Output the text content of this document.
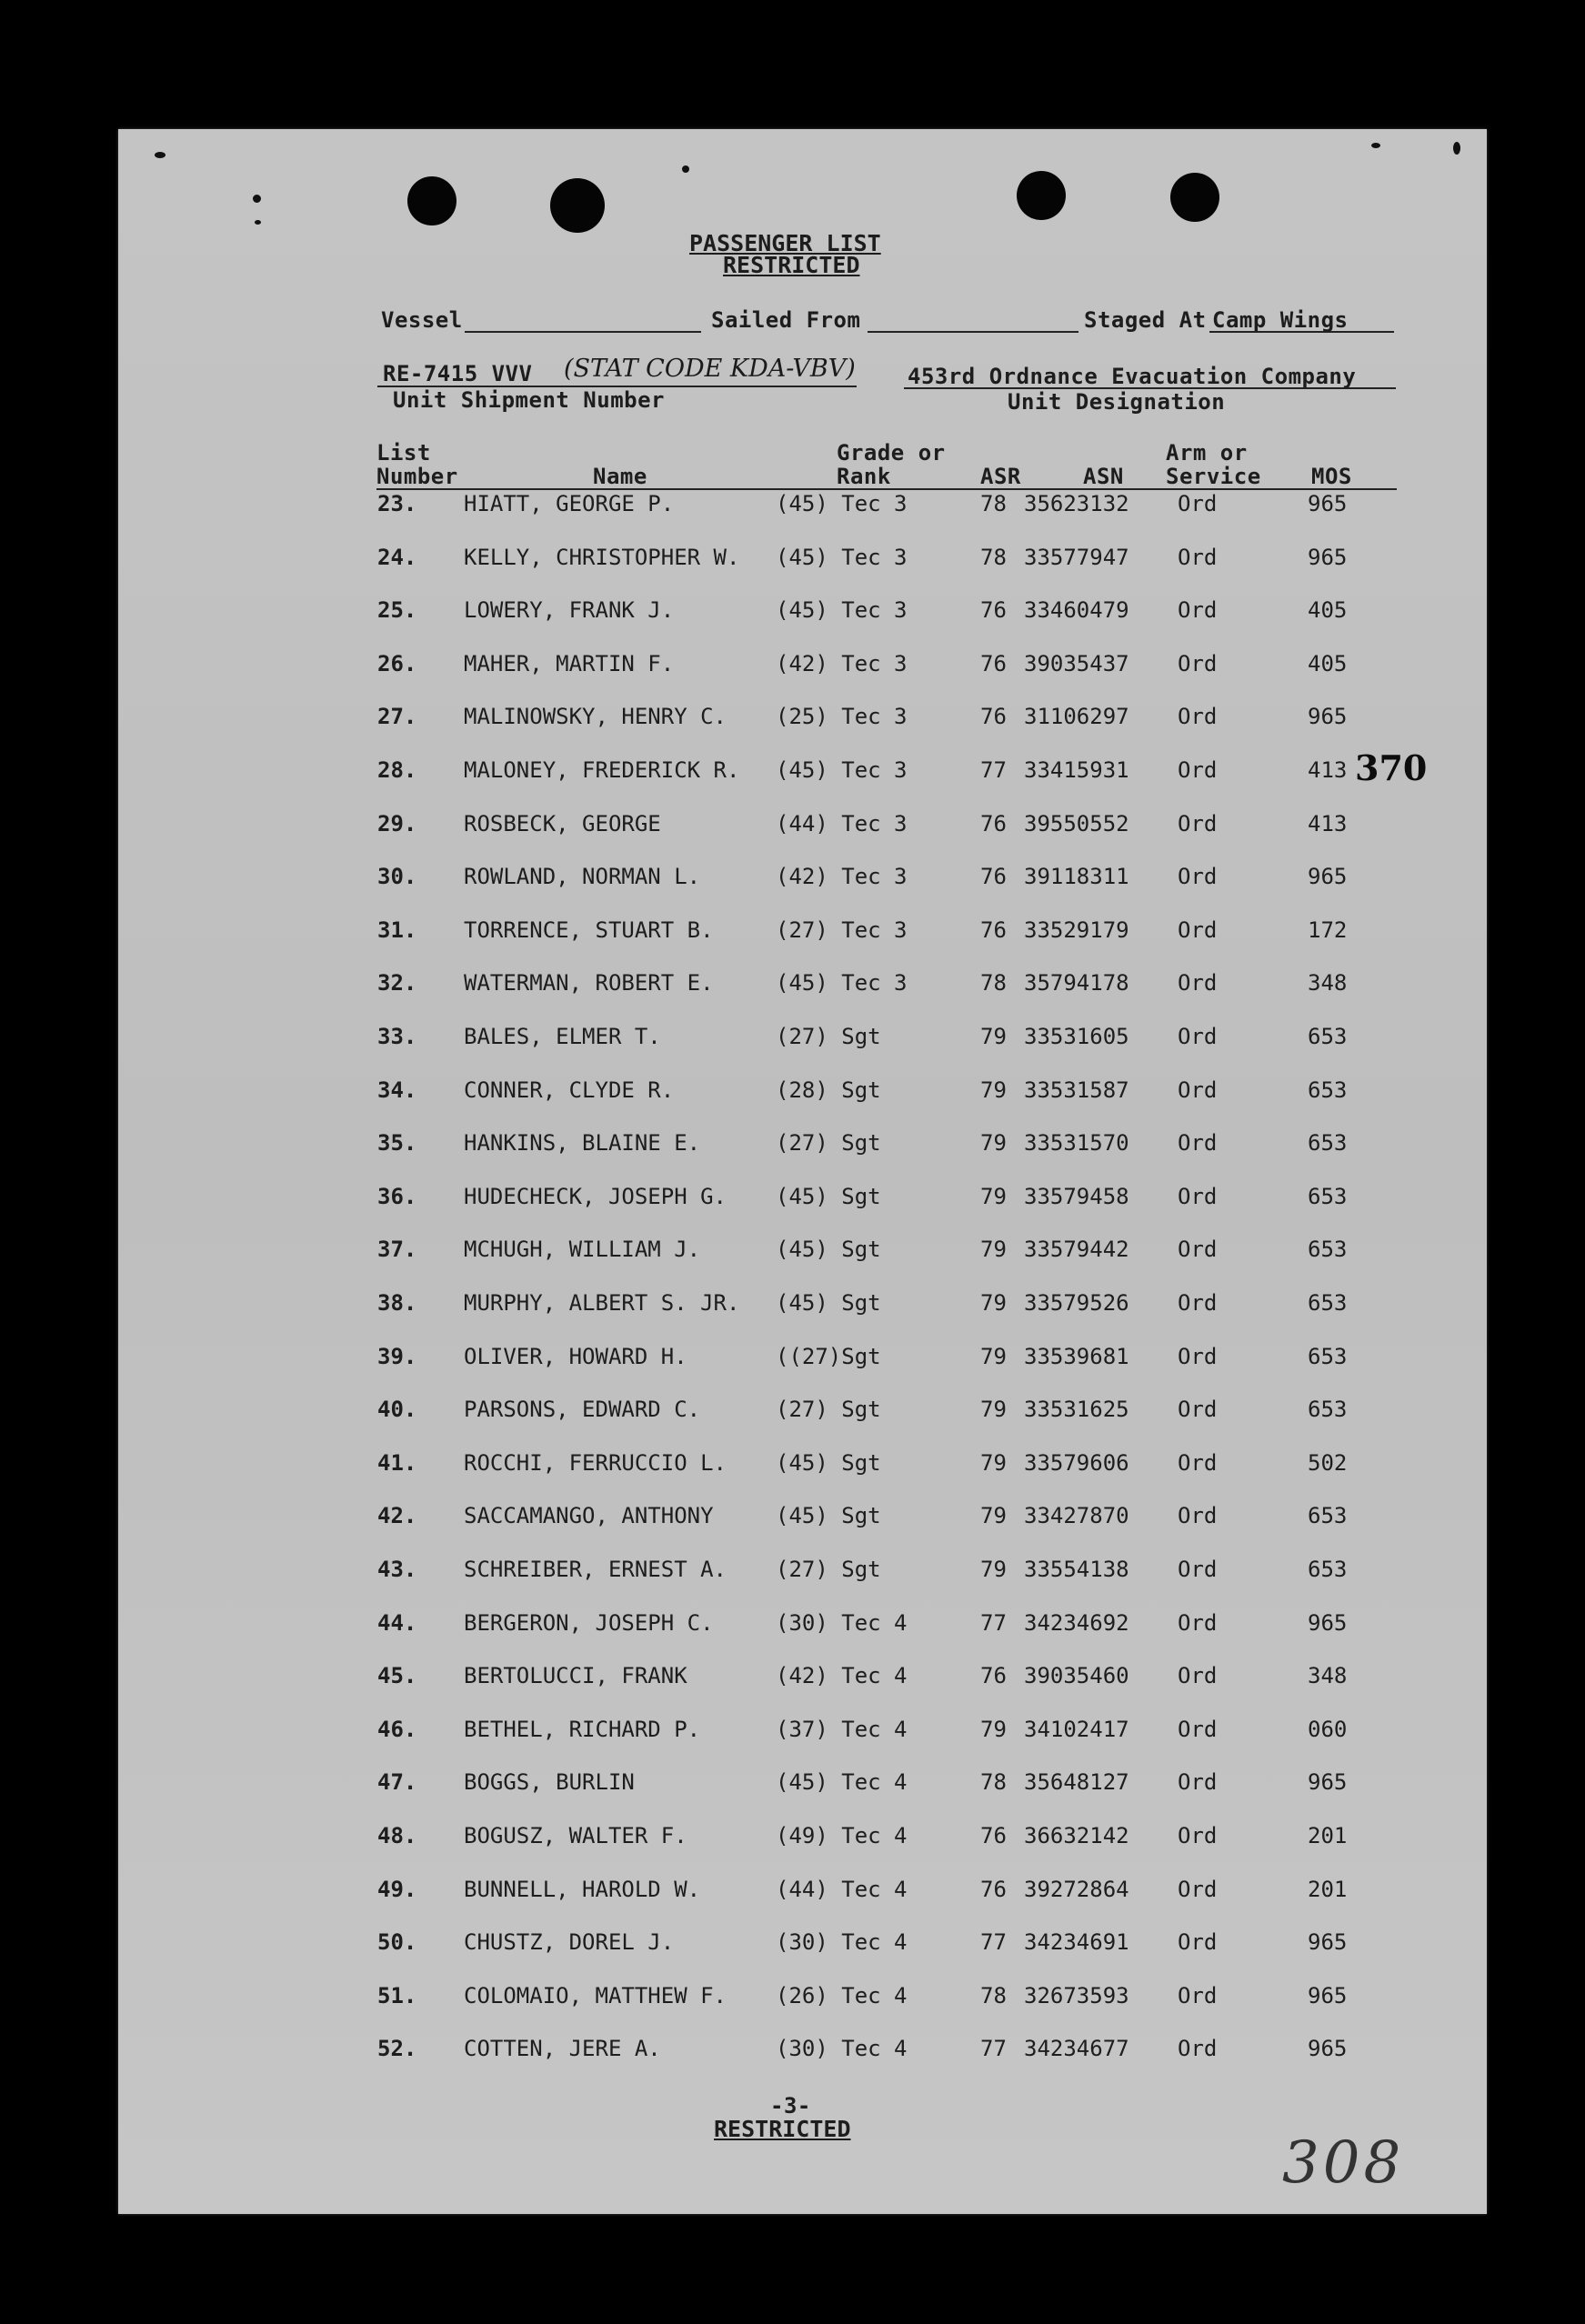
PASSENGER LIST
RESTRICTED
Vessel	Sailed From	Staged At Camp Wings
RE-7415 VVV (STAT CODE KDA-VBV)
Unit Shipment Number
453rd Ordnance Evacuation Company
Unit Designation
List
Number	Name
Grade or
Rank	ASR	ASN
Arm or
Service MOS
23. HIATT, GEORGE P.	(45) Tec 3	78 35623132 Ord	965
24. KELLY, CHRISTOPHER W. (45) Tec 3	78 33577947 Ord	965
25. LOWERY, FRANK J.	(45) Tec 3	76 33460479 Ord	405
26. MAHER, MARTIN F.	(42) Tec 3	76 39035437 Ord	405
27. MALINOWSKY, HENRY C. (25) Tec 3	76 31106297 Ord	965
28. MALONEY, FREDERICK R. (45) Tec 3	77 33415931 Ord	413
29. ROSBECK, GEORGE	(44) Tec 3	76 39550552 Ord	413
30. ROWLAND, NORMAN L.	(42) Tec 3	76 39118311 Ord	965
31. TORRENCE, STUART B.	(27) Tec 3	76 33529179 Ord	172
32. WATERMAN, ROBERT E.	(45) Tec 3	78 35794178 Ord	348
33. BALES, ELMER T.	(27) Sgt	79 33531605 Ord	653
34. CONNER, CLYDE R.	(28) Sgt	79 33531587 Ord	653
35. HANKINS, BLAINE E.	(27) Sgt	79 33531570 Ord	653
36. HUDECHECK, JOSEPH G. (45) Sgt	79 33579458 Ord	653
37. MCHUGH, WILLIAM J.	(45) Sgt	79 33579442 Ord	653
38. MURPHY, ALBERT S. JR. (45) Sgt	79 33579526 Ord	653
39. OLIVER, HOWARD H.	((27)Sgt	79 33539681 Ord	653
40. PARSONS, EDWARD C.	(27) Sgt	79 33531625 Ord	653
41. ROCCHI, FERRUCCIO L. (45) Sgt	79 33579606 Ord	502
42. SACCAMANGO, ANTHONY	(45) Sgt	79 33427870 Ord	653
43. SCHREIBER, ERNEST A. (27) Sgt	79 33554138 Ord	653
44. BERGERON, JOSEPH C.	(30) Tec 4	77 34234692 Ord	965
45. BERTOLUCCI, FRANK	(42) Tec 4	76 39035460 Ord	348
46. BETHEL, RICHARD P.	(37) Tec 4	79 34102417 Ord	060
47. BOGGS, BURLIN	(45) Tec 4	78 35648127 Ord	965
48. BOGUSZ, WALTER F.	(49) Tec 4	76 36632142 Ord	201
49. BUNNELL, HAROLD W.	(44) Tec 4	76 39272864 Ord	201
50. CHUSTZ, DOREL J.	(30) Tec 4	77 34234691 Ord	965
51. COLOMAIO, MATTHEW F. (26) Tec 4	78 32673593 Ord	965
52. COTTEN, JERE A.	(30) Tec 4	77 34234677 Ord	965
370
-3-
RESTRICTED
308
